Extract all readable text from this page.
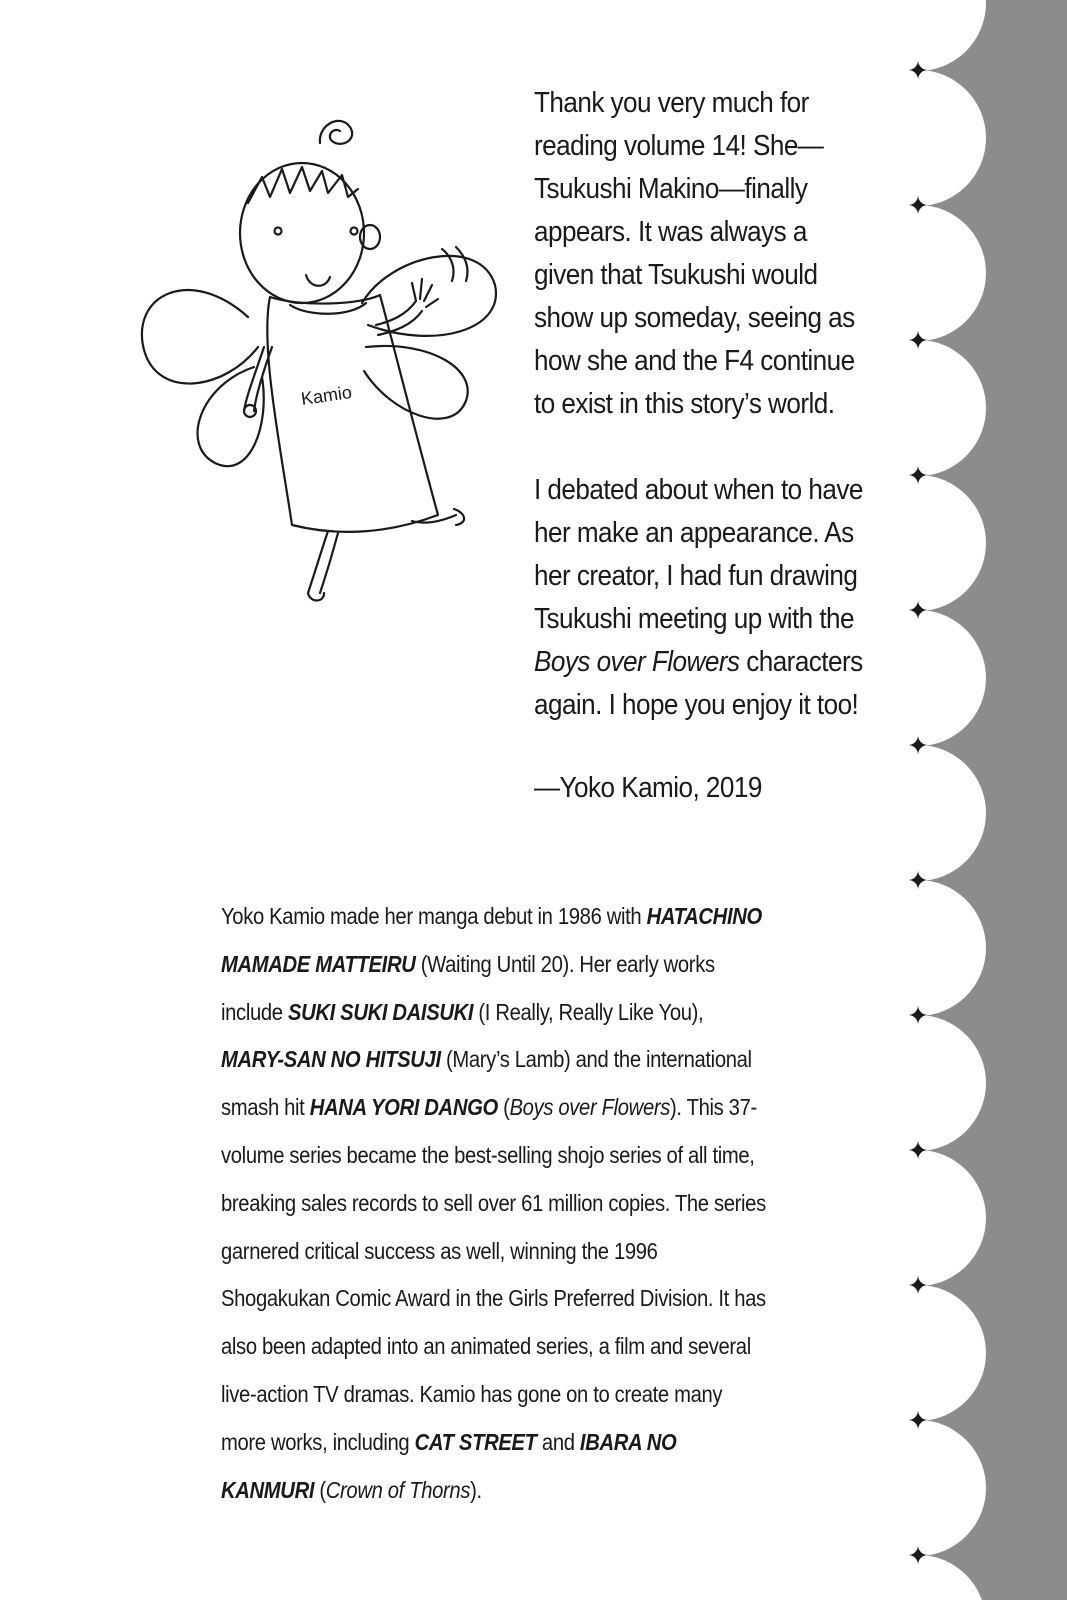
✦
✦
✦
✦
✦
✦
✦
✦
✦
✦
✦
✦
Kamio

Thank you very much for reading volume 14! She—Tsukushi Makino—finally appears. It was always a given that Tsukushi would show up someday, seeing as how she and the F4 continue to exist in this story’s world.

I debated about when to have her make an appearance. As her creator, I had fun drawing Tsukushi meeting up with the Boys over Flowers characters again. I hope you enjoy it too!

—Yoko Kamio, 2019

Yoko Kamio made her manga debut in 1986 with HATACHINO MAMADE MATTEIRU (Waiting Until 20). Her early works include SUKI SUKI DAISUKI (I Really, Really Like You), MARY-SAN NO HITSUJI (Mary’s Lamb) and the international smash hit HANA YORI DANGO (Boys over Flowers). This 37-volume series became the best-selling shojo series of all time, breaking sales records to sell over 61 million copies. The series garnered critical success as well, winning the 1996 Shogakukan Comic Award in the Girls Preferred Division. It has also been adapted into an animated series, a film and several live-action TV dramas. Kamio has gone on to create many more works, including CAT STREET and IBARA NO KANMURI (Crown of Thorns).
